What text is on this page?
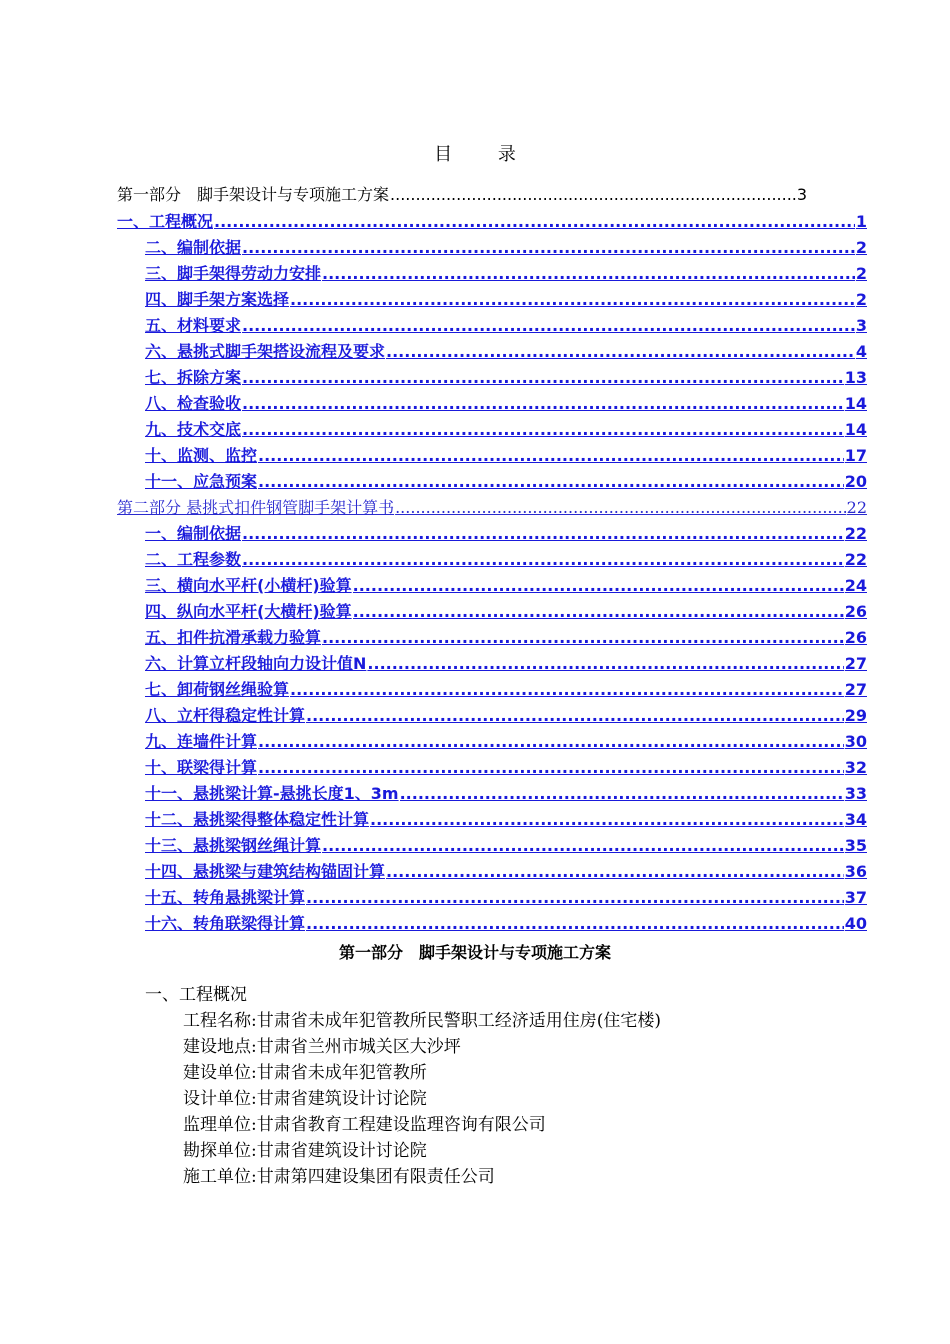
目	录
第一部分　脚手架设计与专项施工方案 .....	3
一、工程概况 .....	1
二、编制依据 .....	2
三、脚手架得劳动力安排 .....	2
四、脚手架方案选择 .....	2
五、材料要求 .....	3
六、悬挑式脚手架搭设流程及要求 .....	4
七、拆除方案 .....	13
八、检查验收 .....	14
九、技术交底 .....	14
十、监测、监控 .....	17
十一、应急预案 .....	20
第二部分 悬挑式扣件钢管脚手架计算书 .....	22
一、编制依据 .....	22
二、工程参数 .....	22
三、横向水平杆(小横杆)验算 .....	24
四、纵向水平杆(大横杆)验算 .....	26
五、扣件抗滑承载力验算 .....	26
六、计算立杆段轴向力设计值N .....	27
七、卸荷钢丝绳验算 .....	27
八、立杆得稳定性计算 .....	29
九、连墙件计算 .....	30
十、联梁得计算 .....	32
十一、悬挑梁计算-悬挑长度1、3m .....	33
十二、悬挑梁得整体稳定性计算 .....	34
十三、悬挑梁钢丝绳计算 .....	35
十四、悬挑梁与建筑结构锚固计算 .....	36
十五、转角悬挑梁计算 .....	37
十六、转角联梁得计算 .....	40
第一部分　脚手架设计与专项施工方案
一、工程概况
工程名称:甘肃省未成年犯管教所民警职工经济适用住房(住宅楼)
建设地点:甘肃省兰州市城关区大沙坪
建设单位:甘肃省未成年犯管教所
设计单位:甘肃省建筑设计讨论院
监理单位:甘肃省教育工程建设监理咨询有限公司
勘探单位:甘肃省建筑设计讨论院
施工单位:甘肃第四建设集团有限责任公司
